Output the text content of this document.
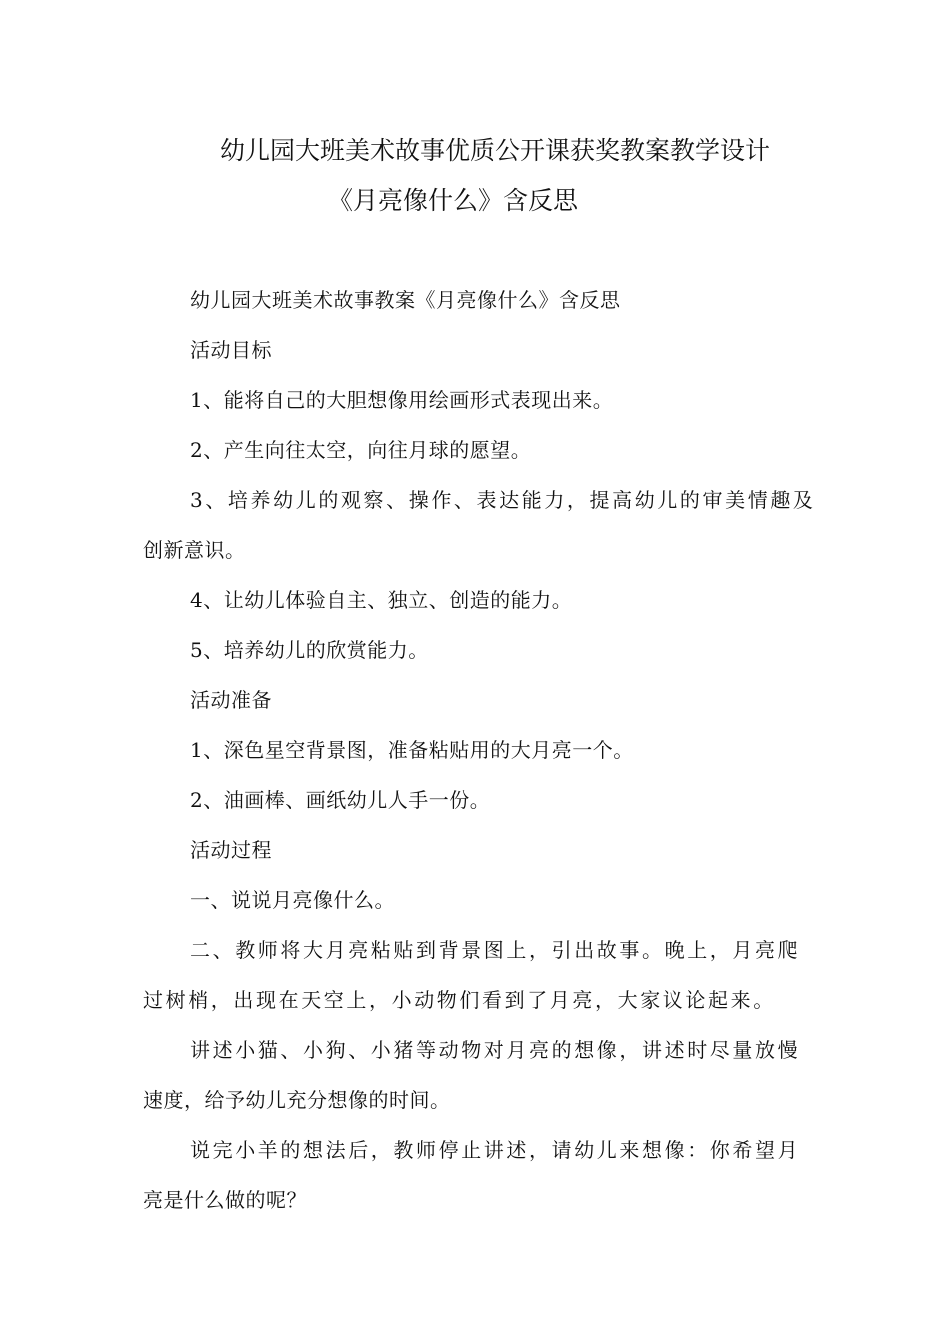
幼儿园大班美术故事优质公开课获奖教案教学设计
《月亮像什么》含反思
幼儿园大班美术故事教案《月亮像什么》含反思
活动目标
1、能将自己的大胆想像用绘画形式表现出来。
2、产生向往太空，向往月球的愿望。
3、培养幼儿的观察、操作、表达能力，提高幼儿的审美情趣及
创新意识。
4、让幼儿体验自主、独立、创造的能力。
5、培养幼儿的欣赏能力。
活动准备
1、深色星空背景图，准备粘贴用的大月亮一个。
2、油画棒、画纸幼儿人手一份。
活动过程
一、说说月亮像什么。
二、教师将大月亮粘贴到背景图上，引出故事。晚上，月亮爬
过树梢，出现在天空上，小动物们看到了月亮，大家议论起来。
讲述小猫、小狗、小猪等动物对月亮的想像，讲述时尽量放慢
速度，给予幼儿充分想像的时间。
说完小羊的想法后，教师停止讲述，请幼儿来想像：你希望月
亮是什么做的呢？
